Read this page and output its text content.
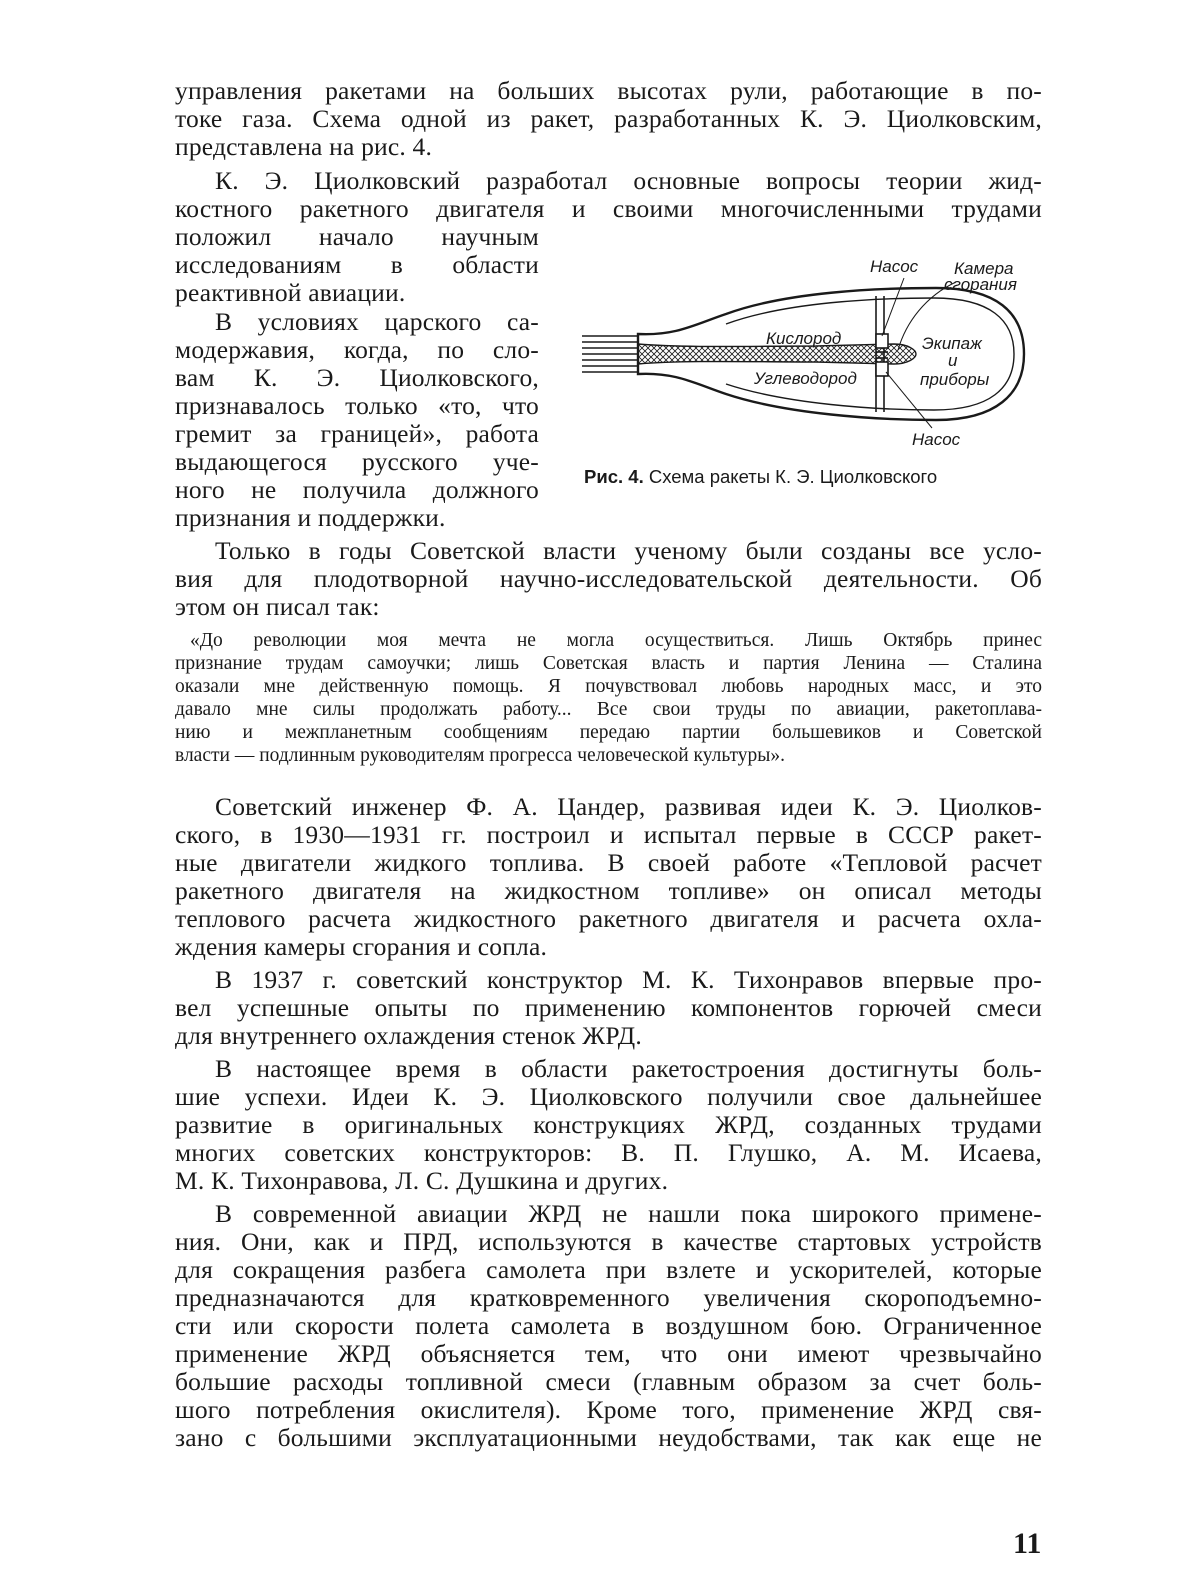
управления ракетами на больших высотах рули, работающие в по-

токе газа. Схема одной из ракет, разработанных К. Э. Циолковским,

представлена на рис. 4.

К. Э. Циолковский разработал основные вопросы теории жид-

костного ракетного двигателя и своими многочисленными трудами

положил начало научным

исследованиям в области

реактивной авиации.

В условиях царского са-

модержавия, когда, по сло-

вам К. Э. Циолковского,

признавалось только «то, что

гремит за границей», работа

выдающегося русского уче-

ного не получила должного

признания и поддержки.

Насос Камера
сгорания
Кислород	Экипаж
и
приборы
Углеводород
Насос

Рис. 4. Схема ракеты К. Э. Циолковского

Только в годы Советской власти ученому были созданы все усло-

вия для плодотворной научно-исследовательской деятельности. Об

этом он писал так:

«До революции моя мечта не могла осуществиться. Лишь Октябрь принес

признание трудам самоучки; лишь Советская власть и партия Ленина — Сталина

оказали мне действенную помощь. Я почувствовал любовь народных масс, и это

давало мне силы продолжать работу... Все свои труды по авиации, ракетоплава-

нию и межпланетным сообщениям передаю партии большевиков и Советской

власти — подлинным руководителям прогресса человеческой культуры».

Советский инженер Ф. А. Цандер, развивая идеи К. Э. Циолков-

ского, в 1930—1931 гг. построил и испытал первые в СССР ракет-

ные двигатели жидкого топлива. В своей работе «Тепловой расчет

ракетного двигателя на жидкостном топливе» он описал методы

теплового расчета жидкостного ракетного двигателя и расчета охла-

ждения камеры сгорания и сопла.

В 1937 г. советский конструктор М. К. Тихонравов впервые про-

вел успешные опыты по применению компонентов горючей смеси

для внутреннего охлаждения стенок ЖРД.

В настоящее время в области ракетостроения достигнуты боль-

шие успехи. Идеи К. Э. Циолковского получили свое дальнейшее

развитие в оригинальных конструкциях ЖРД, созданных трудами

многих советских конструкторов: В. П. Глушко, А. М. Исаева,

М. К. Тихонравова, Л. С. Душкина и других.

В современной авиации ЖРД не нашли пока широкого примене-

ния. Они, как и ПРД, используются в качестве стартовых устройств

для сокращения разбега самолета при взлете и ускорителей, которые

предназначаются для кратковременного увеличения скороподъемно-

сти или скорости полета самолета в воздушном бою. Ограниченное

применение ЖРД объясняется тем, что они имеют чрезвычайно

большие расходы топливной смеси (главным образом за счет боль-

шого потребления окислителя). Кроме того, применение ЖРД свя-

зано с большими эксплуатационными неудобствами, так как еще не

11
